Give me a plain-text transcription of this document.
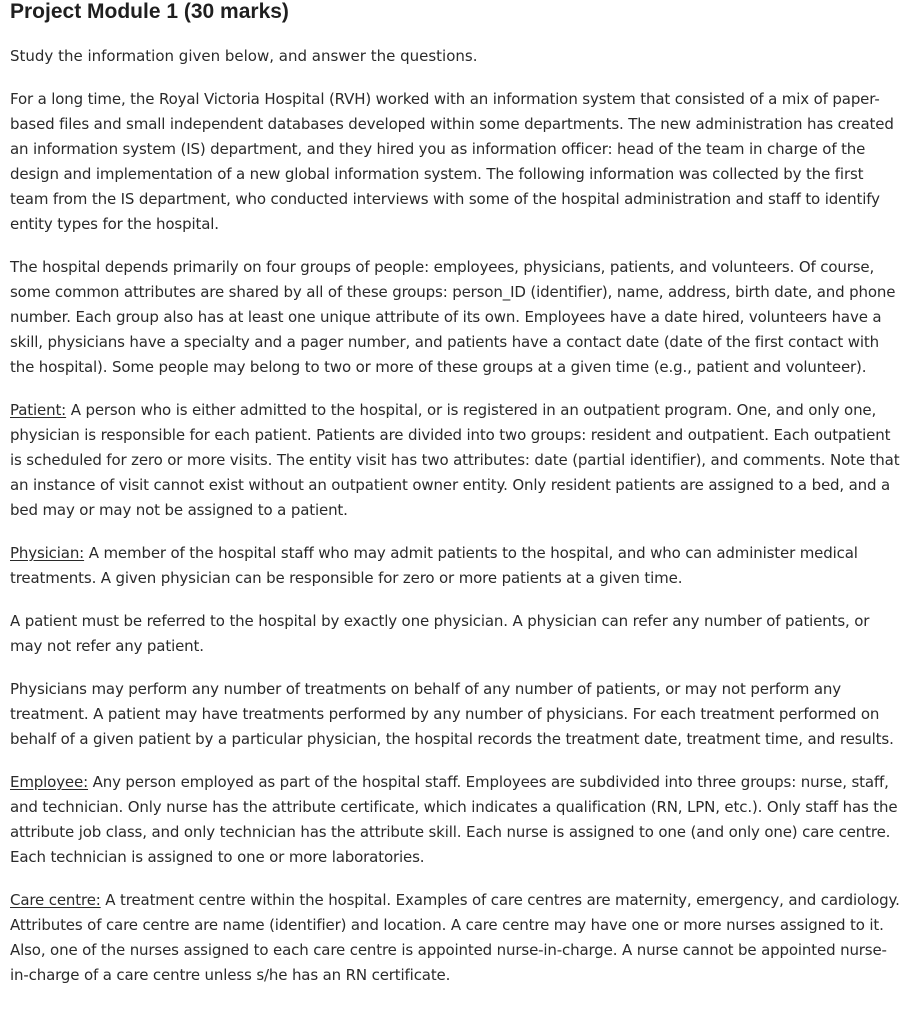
Project Module 1 (30 marks)

Study the information given below, and answer the questions.

For a long time, the Royal Victoria Hospital (RVH) worked with an information system that consisted of a mix of paper-based files and small independent databases developed within some departments. The new administration has created an information system (IS) department, and they hired you as information officer: head of the team in charge of the design and implementation of a new global information system. The following information was collected by the first team from the IS department, who conducted interviews with some of the hospital administration and staff to identify entity types for the hospital.

The hospital depends primarily on four groups of people: employees, physicians, patients, and volunteers. Of course, some common attributes are shared by all of these groups: person_ID (identifier), name, address, birth date, and phone number. Each group also has at least one unique attribute of its own. Employees have a date hired, volunteers have a skill, physicians have a specialty and a pager number, and patients have a contact date (date of the first contact with the hospital). Some people may belong to two or more of these groups at a given time (e.g., patient and volunteer).

Patient: A person who is either admitted to the hospital, or is registered in an outpatient program. One, and only one, physician is responsible for each patient. Patients are divided into two groups: resident and outpatient. Each outpatient is scheduled for zero or more visits. The entity visit has two attributes: date (partial identifier), and comments. Note that an instance of visit cannot exist without an outpatient owner entity. Only resident patients are assigned to a bed, and a bed may or may not be assigned to a patient.

Physician: A member of the hospital staff who may admit patients to the hospital, and who can administer medical treatments. A given physician can be responsible for zero or more patients at a given time.

A patient must be referred to the hospital by exactly one physician. A physician can refer any number of patients, or may not refer any patient.

Physicians may perform any number of treatments on behalf of any number of patients, or may not perform any treatment. A patient may have treatments performed by any number of physicians. For each treatment performed on behalf of a given patient by a particular physician, the hospital records the treatment date, treatment time, and results.

Employee: Any person employed as part of the hospital staff. Employees are subdivided into three groups: nurse, staff, and technician. Only nurse has the attribute certificate, which indicates a qualification (RN, LPN, etc.). Only staff has the attribute job class, and only technician has the attribute skill. Each nurse is assigned to one (and only one) care centre. Each technician is assigned to one or more laboratories.

Care centre: A treatment centre within the hospital. Examples of care centres are maternity, emergency, and cardiology. Attributes of care centre are name (identifier) and location. A care centre may have one or more nurses assigned to it. Also, one of the nurses assigned to each care centre is appointed nurse-in-charge. A nurse cannot be appointed nurse-in-charge of a care centre unless s/he has an RN certificate.
